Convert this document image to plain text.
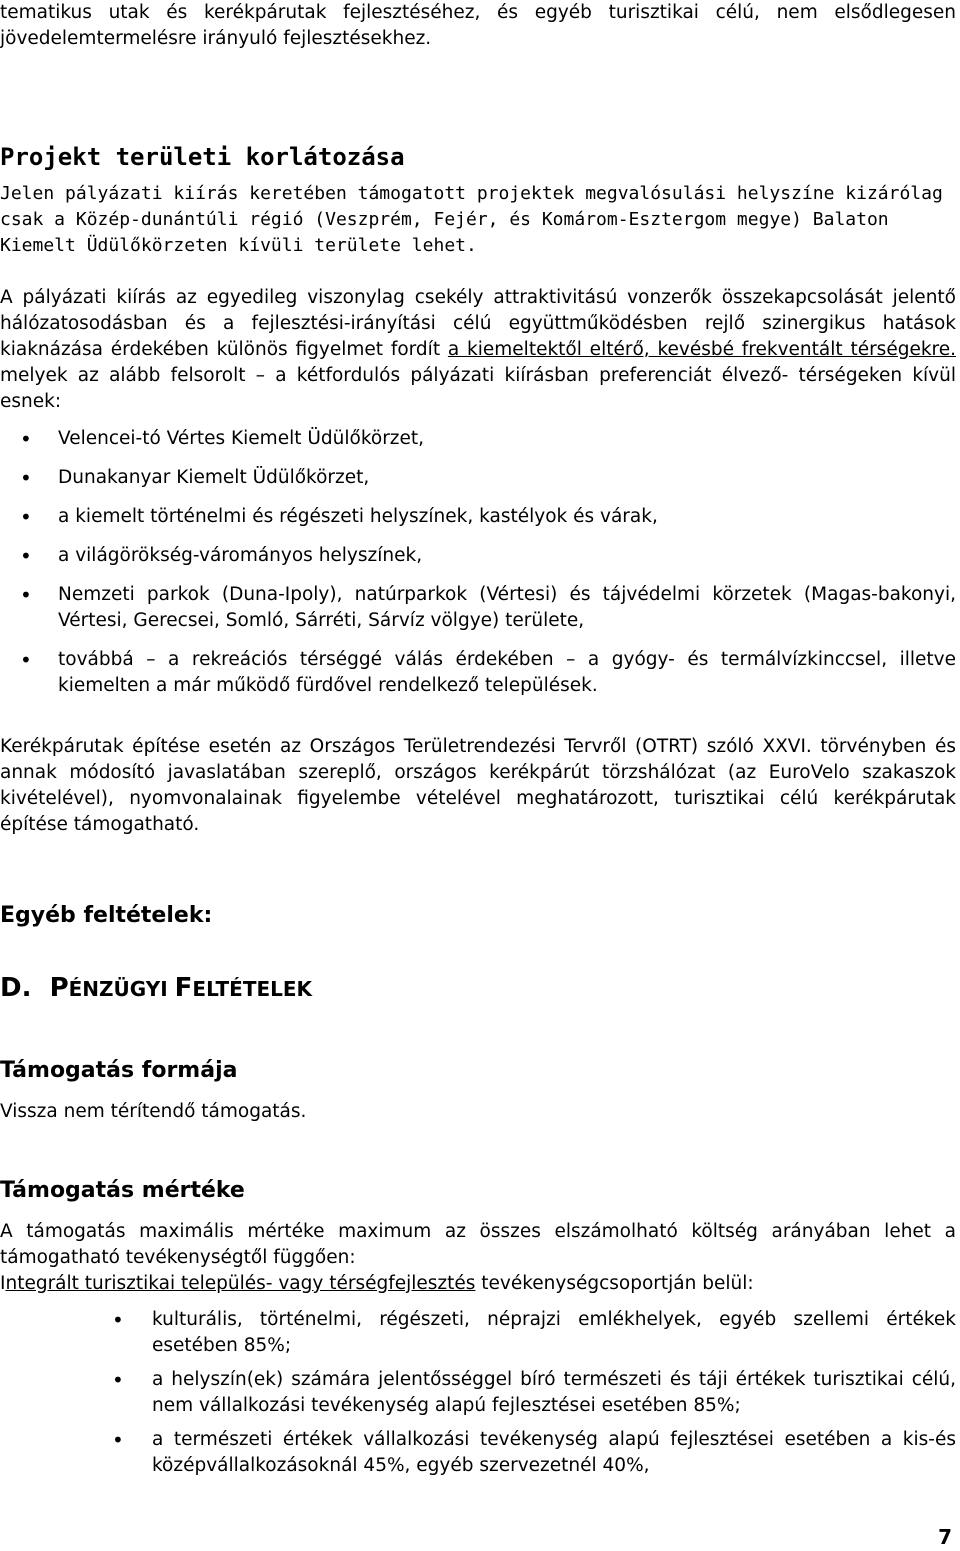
tematikus utak és kerékpárutak fejlesztéséhez, és egyéb turisztikai célú, nem elsődlegesen jövedelemtermelésre irányuló fejlesztésekhez.

Projekt területi korlátozása

Jelen pályázati kiírás keretében támogatott projektek megvalósulási helyszíne kizárólag csak a Közép-dunántúli régió (Veszprém, Fejér, és Komárom-Esztergom megye) Balaton Kiemelt Üdülőkörzeten kívüli területe lehet.

A pályázati kiírás az egyedileg viszonylag csekély attraktivitású vonzerők összekapcsolását jelentő hálózatosodásban és a fejlesztési-irányítási célú együttműködésben rejlő szinergikus hatások kiaknázása érdekében különös figyelmet fordít a kiemeltektől eltérő, kevésbé frekventált térségekre. melyek az alább felsorolt – a kétfordulós pályázati kiírásban preferenciát élvező- térségeken kívül esnek:

• Velencei-tó Vértes Kiemelt Üdülőkörzet,
• Dunakanyar Kiemelt Üdülőkörzet,
• a kiemelt történelmi és régészeti helyszínek, kastélyok és várak,
• a világörökség-várományos helyszínek,
• Nemzeti parkok (Duna-Ipoly), natúrparkok (Vértesi) és tájvédelmi körzetek (Magas-bakonyi, Vértesi, Gerecsei, Somló, Sárréti, Sárvíz völgye) területe,
• továbbá – a rekreációs térséggé válás érdekében – a gyógy- és termálvízkinccsel, illetve kiemelten a már működő fürdővel rendelkező települések.

Kerékpárutak építése esetén az Országos Területrendezési Tervről (OTRT) szóló XXVI. törvényben és annak módosító javaslatában szereplő, országos kerékpárút törzshálózat (az EuroVelo szakaszok kivételével), nyomvonalainak figyelembe vételével meghatározott, turisztikai célú kerékpárutak építése támogatható.

Egyéb feltételek:
D. PÉNZÜGYI FELTÉTELEK
Támogatás formája

Vissza nem térítendő támogatás.

Támogatás mértéke

A támogatás maximális mértéke maximum az összes elszámolható költség arányában lehet a támogatható tevékenységtől függően:

Integrált turisztikai település- vagy térségfejlesztés tevékenységcsoportján belül:

• kulturális, történelmi, régészeti, néprajzi emlékhelyek, egyéb szellemi értékek esetében 85%;
• a helyszín(ek) számára jelentősséggel bíró természeti és táji értékek turisztikai célú, nem vállalkozási tevékenység alapú fejlesztései esetében 85%;
• a természeti értékek vállalkozási tevékenység alapú fejlesztései esetében a kis-és középvállalkozásoknál 45%, egyéb szervezetnél 40%,
7
